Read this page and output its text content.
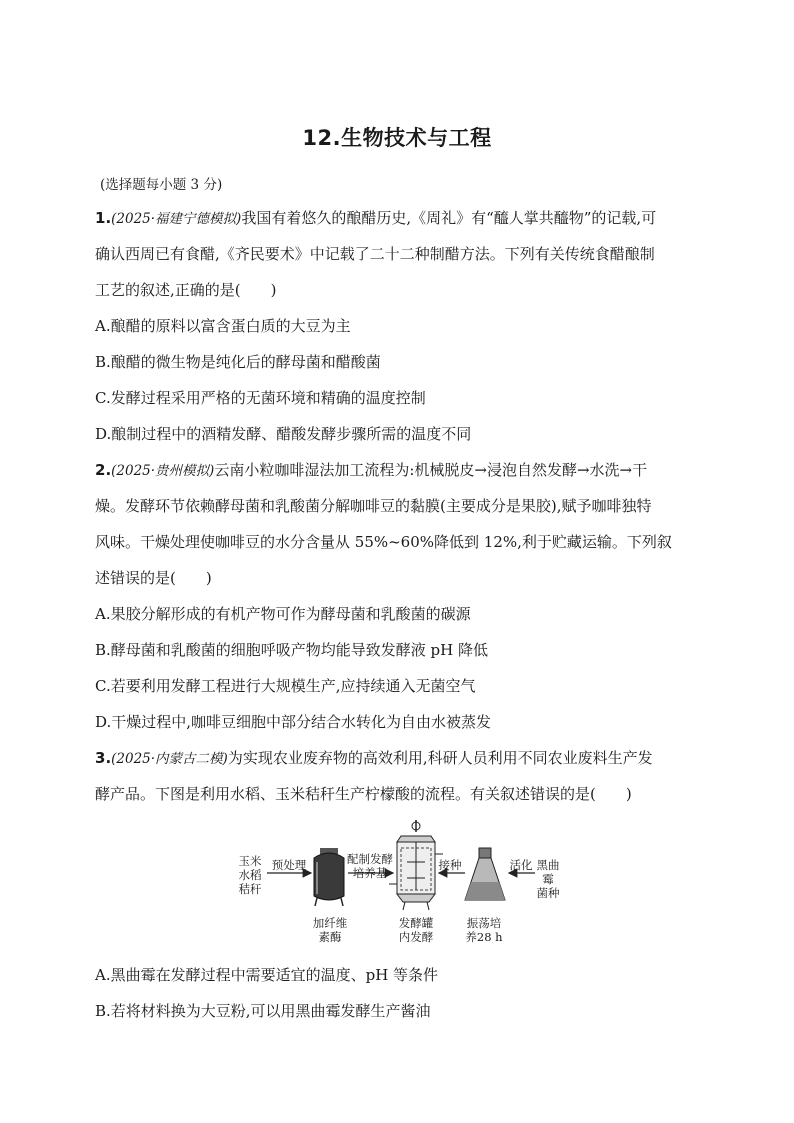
12.生物技术与工程
(选择题每小题 3 分)
1.(2025·福建宁德模拟)我国有着悠久的酿醋历史,《周礼》有“醯人掌共醯物”的记载,可
确认西周已有食醋,《齐民要术》中记载了二十二种制醋方法。下列有关传统食醋酿制
工艺的叙述,正确的是( )
A.酿醋的原料以富含蛋白质的大豆为主
B.酿醋的微生物是纯化后的酵母菌和醋酸菌
C.发酵过程采用严格的无菌环境和精确的温度控制
D.酿制过程中的酒精发酵、醋酸发酵步骤所需的温度不同
2.(2025·贵州模拟)云南小粒咖啡湿法加工流程为:机械脱皮→浸泡自然发酵→水洗→干
燥。发酵环节依赖酵母菌和乳酸菌分解咖啡豆的黏膜(主要成分是果胶),赋予咖啡独特
风味。干燥处理使咖啡豆的水分含量从 55%~60%降低到 12%,利于贮藏运输。下列叙
述错误的是( )
A.果胶分解形成的有机产物可作为酵母菌和乳酸菌的碳源
B.酵母菌和乳酸菌的细胞呼吸产物均能导致发酵液 pH 降低
C.若要利用发酵工程进行大规模生产,应持续通入无菌空气
D.干燥过程中,咖啡豆细胞中部分结合水转化为自由水被蒸发
3.(2025·内蒙古二模)为实现农业废弃物的高效利用,科研人员利用不同农业废料生产发
酵产品。下图是利用水稻、玉米秸秆生产柠檬酸的流程。有关叙述错误的是( )
玉米
水稻
秸秆
预处理
加纤维
素酶
配制发酵
培养基
发酵罐
内发酵
接种
振荡培
养28 h
活化 黑曲霉
菌种
A.黑曲霉在发酵过程中需要适宜的温度、pH 等条件
B.若将材料换为大豆粉,可以用黑曲霉发酵生产酱油
